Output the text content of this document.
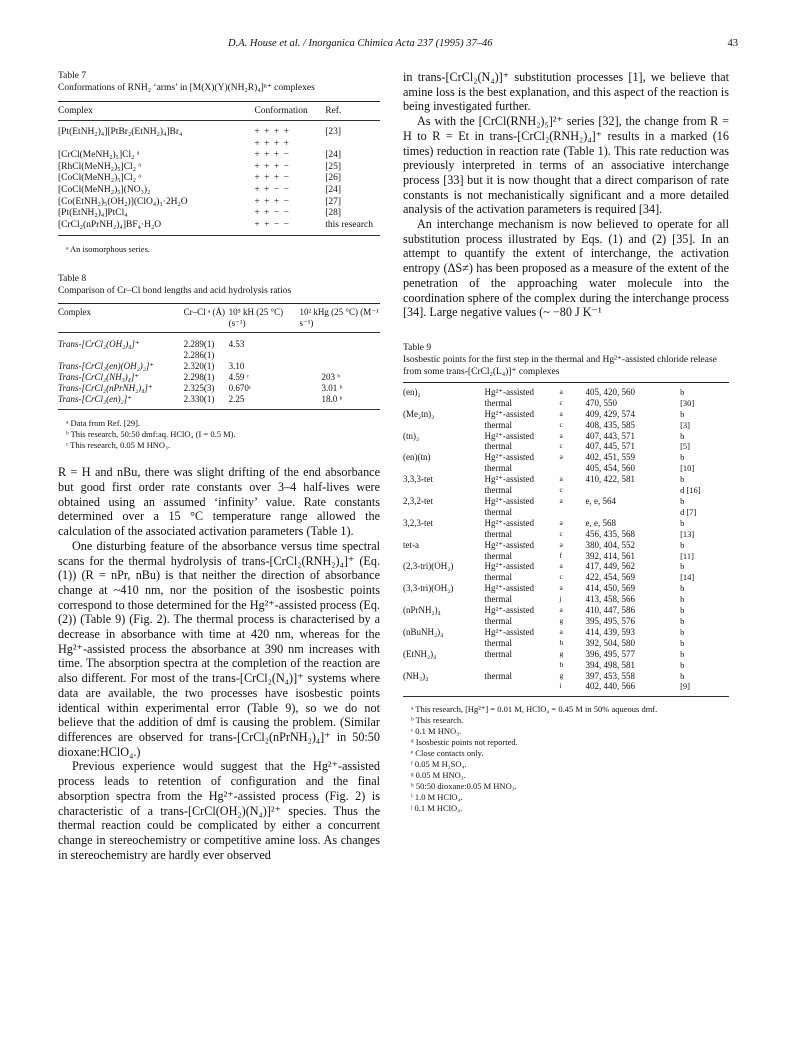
D.A. House et al. / Inorganica Chimica Acta 237 (1995) 37–46	43
Table 7
Conformations of RNH₂ ‘arms’ in [M(X)(Y)(NH₂R)₄]ⁿ⁺ complexes
Complex	Conformation	Ref.
[Pt(EtNH₂)₄][PtBr₂(EtNH₂)₄]Br₄	+ + + +	[23]
	+ + + +	
[CrCl(MeNH₂)₅]Cl₂ ᵃ	+ + + −	[24]
[RhCl(MeNH₂)₅]Cl₂ ᵃ	+ + + −	[25]
[CoCl(MeNH₂)₅]Cl₂ ᵃ	+ + + −	[26]
[CoCl(MeNH₂)₅](NO₃)₂	+ + − −	[24]
[Co(EtNH₂)₅(OH₂)](ClO₄)₃·2H₂O	+ + + −	[27]
[Pt(EtNH₂)₄]PtCl₄	+ + − −	[28]
[CrCl₂(nPrNH₂)₄]BF₄·H₂O	+ + − −	this research
ᵃ An isomorphous series.
Table 8
Comparison of Cr–Cl bond lengths and acid hydrolysis ratios
Complex	Cr–Cl ᵃ (Å)	10⁵ kH (25 °C) (s⁻¹)	10² kHg (25 °C) (M⁻¹ s⁻¹)
Trans-[CrCl₂(OH₂)₄]⁺	2.289(1)	4.53	
	2.286(1)		
Trans-[CrCl₂(en)(OH₂)₂]⁺	2.320(1)	3.10	
Trans-[CrCl₂(NH₃)₄]⁺	2.298(1)	4.59 ᶜ	203 ᵇ
Trans-[CrCl₂(nPrNH₂)₄]⁺	2.325(3)	0.670ᶜ	3.01 ᵇ
Trans-[CrCl₂(en)₂]⁺	2.330(1)	2.25	18.0 ᵇ
ᵃ Data from Ref. [29].
ᵇ This research, 50:50 dmf:aq. HClO₄ (I = 0.5 M).
ᶜ This research, 0.05 M HNO₃.

R = H and nBu, there was slight drifting of the end absorbance but good first order rate constants over 3–4 half-lives were obtained using an assumed ‘infinity’ value. Rate constants determined over a 15 °C temperature range allowed the calculation of the associated activation parameters (Table 1).

One disturbing feature of the absorbance versus time spectral scans for the thermal hydrolysis of trans-[CrCl₂(RNH₂)₄]⁺ (Eq. (1)) (R = nPr, nBu) is that neither the direction of absorbance change at ~410 nm, nor the position of the isosbestic points correspond to those determined for the Hg²⁺-assisted process (Eq. (2)) (Table 9) (Fig. 2). The thermal process is characterised by a decrease in absorbance with time at 420 nm, whereas for the Hg²⁺-assisted process the absorbance at 390 nm increases with time. The absorption spectra at the completion of the reaction are also different. For most of the trans-[CrCl₂(N₄)]⁺ systems where data are available, the two processes have isosbestic points identical within experimental error (Table 9), so we do not believe that the addition of dmf is causing the problem. (Similar differences are observed for trans-[CrCl₂(nPrNH₂)₄]⁺ in 50:50 dioxane:HClO₄.)

Previous experience would suggest that the Hg²⁺-assisted process leads to retention of configuration and the final absorption spectra from the Hg²⁺-assisted process (Fig. 2) is characteristic of a trans-[CrCl(OH₂)(N₄)]²⁺ species. Thus the thermal reaction could be complicated by either a concurrent change in stereochemistry or competitive amine loss. As changes in stereochemistry are hardly ever observed

in trans-[CrCl₂(N₄)]⁺ substitution processes [1], we believe that amine loss is the best explanation, and this aspect of the reaction is being investigated further.

As with the [CrCl(RNH₂)₅]²⁺ series [32], the change from R = H to R = Et in trans-[CrCl₂(RNH₂)₄]⁺ results in a marked (16 times) reduction in reaction rate (Table 1). This rate reduction was previously interpreted in terms of an associative interchange process [33] but it is now thought that a direct comparison of rate constants is not mechanistically significant and a more detailed analysis of the activation parameters is required [34].

An interchange mechanism is now believed to operate for all substitution process illustrated by Eqs. (1) and (2) [35]. In an attempt to quantify the extent of interchange, the activation entropy (ΔS≠) has been proposed as a measure of the extent of the penetration of the approaching water molecule into the coordination sphere of the complex during the interchange process [34]. Large negative values (~ −80 J K⁻¹

Table 9
Isosbestic points for the first step in the thermal and Hg²⁺-assisted chloride release from some trans-[CrCl₂(L₄)]⁺ complexes
(en)₂	Hg²⁺-assisted	a	405, 420, 560	b
	thermal	c	470, 550	[30]
(Me₂tn)₂	Hg²⁺-assisted	a	409, 429, 574	b
	thermal	c	408, 435, 585	[3]
(tn)₂	Hg²⁺-assisted	a	407, 443, 571	b
	thermal	c	407, 445, 571	[5]
(en)(tn)	Hg²⁺-assisted	a	402, 451, 559	b
	thermal		405, 454, 560	[10]
3,3,3-tet	Hg²⁺-assisted	a	410, 422, 581	b
	thermal	c		d [16]
2,3,2-tet	Hg²⁺-assisted	a	e, e, 564	b
	thermal			d [7]
3,2,3-tet	Hg²⁺-assisted	a	e, e, 568	b
	thermal	c	456, 435, 568	[13]
tet-a	Hg²⁺-assisted	a	380, 404, 552	b
	thermal	f	392, 414, 561	[11]
(2,3-tri)(OH₂)	Hg²⁺-assisted	a	417, 449, 562	b
	thermal	c	422, 454, 569	[14]
(3,3-tri)(OH₂)	Hg²⁺-assisted	a	414, 450, 569	b
	thermal	j	413, 458, 566	b
(nPrNH₂)₄	Hg²⁺-assisted	a	410, 447, 586	b
	thermal	g	395, 495, 576	b
(nBuNH₂)₄	Hg²⁺-assisted	a	414, 439, 593	b
	thermal	h	392, 504, 580	b
(EtNH₂)₄	thermal	g	396, 495, 577	b
		h	394, 498, 581	b
(NH₃)₄	thermal	g	397, 453, 558	b
		i	402, 440, 566	[9]
ᵃ This research, [Hg²⁺] = 0.01 M, HClO₄ = 0.45 M in 50% aqueous dmf.
ᵇ This research.
ᶜ 0.1 M HNO₃.
ᵈ Isosbestic points not reported.
ᵉ Close contacts only.
ᶠ 0.05 M H₂SO₄.
ᵍ 0.05 M HNO₃.
ʰ 50:50 dioxane:0.05 M HNO₃.
ⁱ 1.0 M HClO₄.
ʲ 0.1 M HClO₄.
